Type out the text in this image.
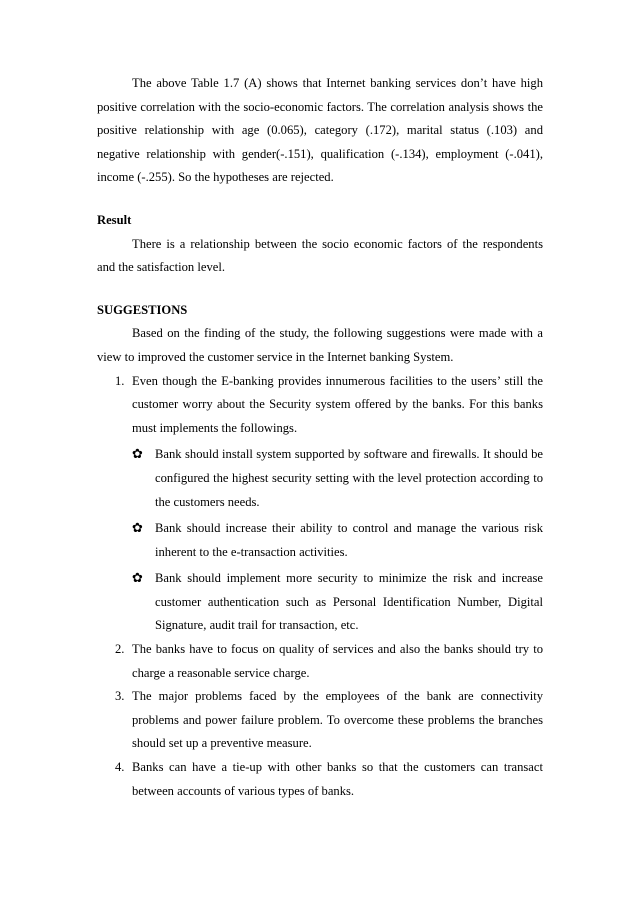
The above Table 1.7 (A) shows that Internet banking services don’t have high positive correlation with the socio-economic factors. The correlation analysis shows the positive relationship with age (0.065), category (.172), marital status (.103) and negative relationship with gender(-.151), qualification (-.134), employment (-.041), income (-.255). So the hypotheses are rejected.

Result

There is a relationship between the socio economic factors of the respondents and the satisfaction level.

SUGGESTIONS

Based on the finding of the study, the following suggestions were made with a view to improved the customer service in the Internet banking System.

1. Even though the E-banking provides innumerous facilities to the users’ still the customer worry about the Security system offered by the banks. For this banks must implements the followings.

✿ Bank should install system supported by software and firewalls. It should be configured the highest security setting with the level protection according to the customers needs.

✿ Bank should increase their ability to control and manage the various risk inherent to the e-transaction activities.

✿ Bank should implement more security to minimize the risk and increase customer authentication such as Personal Identification Number, Digital Signature, audit trail for transaction, etc.

2. The banks have to focus on quality of services and also the banks should try to charge a reasonable service charge.

3. The major problems faced by the employees of the bank are connectivity problems and power failure problem. To overcome these problems the branches should set up a preventive measure.

4. Banks can have a tie-up with other banks so that the customers can transact between accounts of various types of banks.
